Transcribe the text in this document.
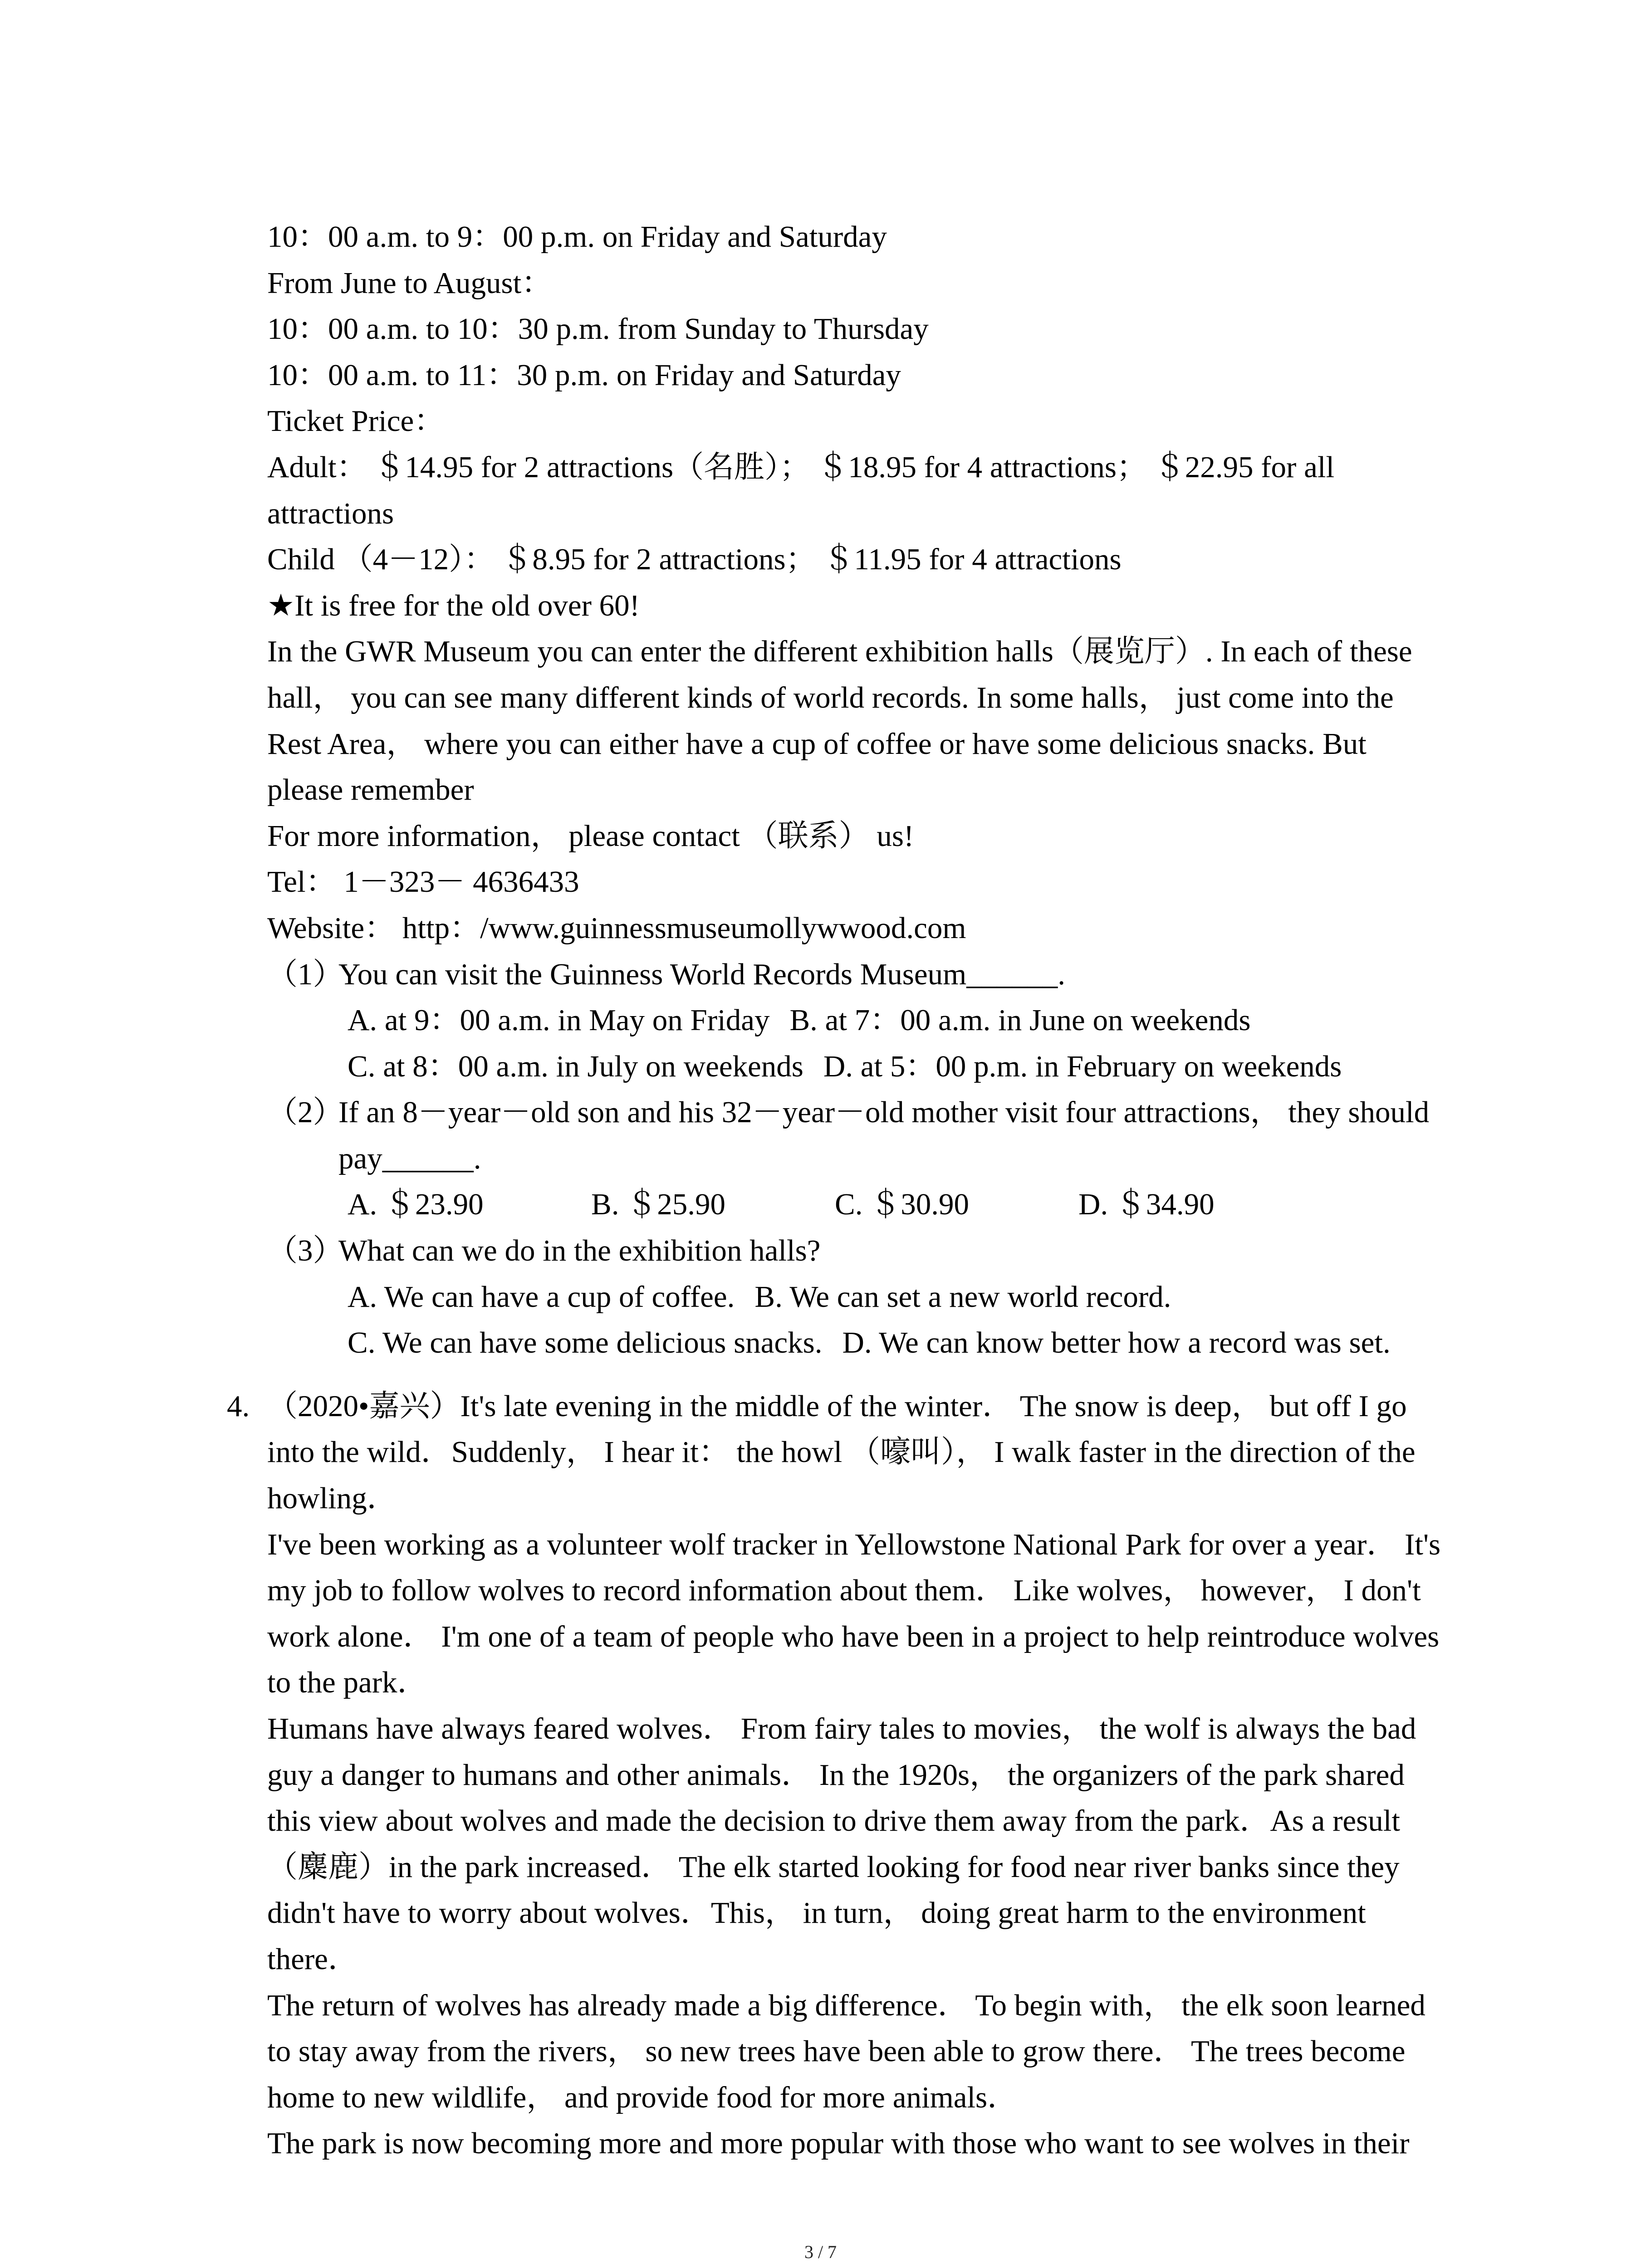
10：00 a.m. to 9：00 p.m. on Friday and Saturday
From June to August：
10：00 a.m. to 10：30 p.m. from Sunday to Thursday
10：00 a.m. to 11：30 p.m. on Friday and Saturday
Ticket Price：
Adult： ＄14.95 for 2 attractions（名胜）； ＄18.95 for 4 attractions； ＄22.95 for all
attractions
Child （4－12）： ＄8.95 for 2 attractions； ＄11.95 for 4 attractions
★It is free for the old over 60!
In the GWR Museum you can enter the different exhibition halls（展览厅）. In each of these
hall， you can see many different kinds of world records. In some halls， just come into the
Rest Area， where you can either have a cup of coffee or have some delicious snacks. But
please remember
For more information， please contact （联系） us!
Tel： 1－323－ 4636433
Website： http：/www.guinnessmuseumollywwood.com
（1）You can visit the Guinness World Records Museum______.
A. at 9：00 a.m. in May on Friday B. at 7：00 a.m. in June on weekends
C. at 8：00 a.m. in July on weekends D. at 5：00 p.m. in February on weekends
（2）If an 8－year－old son and his 32－year－old mother visit four attractions， they should
pay______.
A. ＄23.90	B. ＄25.90	C. ＄30.90	D. ＄34.90
（3）What can we do in the exhibition halls?
A. We can have a cup of coffee. B. We can set a new world record.
C. We can have some delicious snacks. D. We can know better how a record was set.
4. （2020•嘉兴）It's late evening in the middle of the winter． The snow is deep， but off I go
into the wild．Suddenly， I hear it： the howl （嚎叫）， I walk faster in the direction of the
howling．
I've been working as a volunteer wolf tracker in Yellowstone National Park for over a year． It's
my job to follow wolves to record information about them． Like wolves， however， I don't
work alone． I'm one of a team of people who have been in a project to help reintroduce wolves
to the park．
Humans have always feared wolves． From fairy tales to movies， the wolf is always the bad
guy a danger to humans and other animals． In the 1920s， the organizers of the park shared
this view about wolves and made the decision to drive them away from the park．As a result
（麋鹿）in the park increased． The elk started looking for food near river banks since they
didn't have to worry about wolves．This， in turn， doing great harm to the environment
there．
The return of wolves has already made a big difference． To begin with， the elk soon learned
to stay away from the rivers， so new trees have been able to grow there． The trees become
home to new wildlife， and provide food for more animals．
The park is now becoming more and more popular with those who want to see wolves in their
3 / 7
